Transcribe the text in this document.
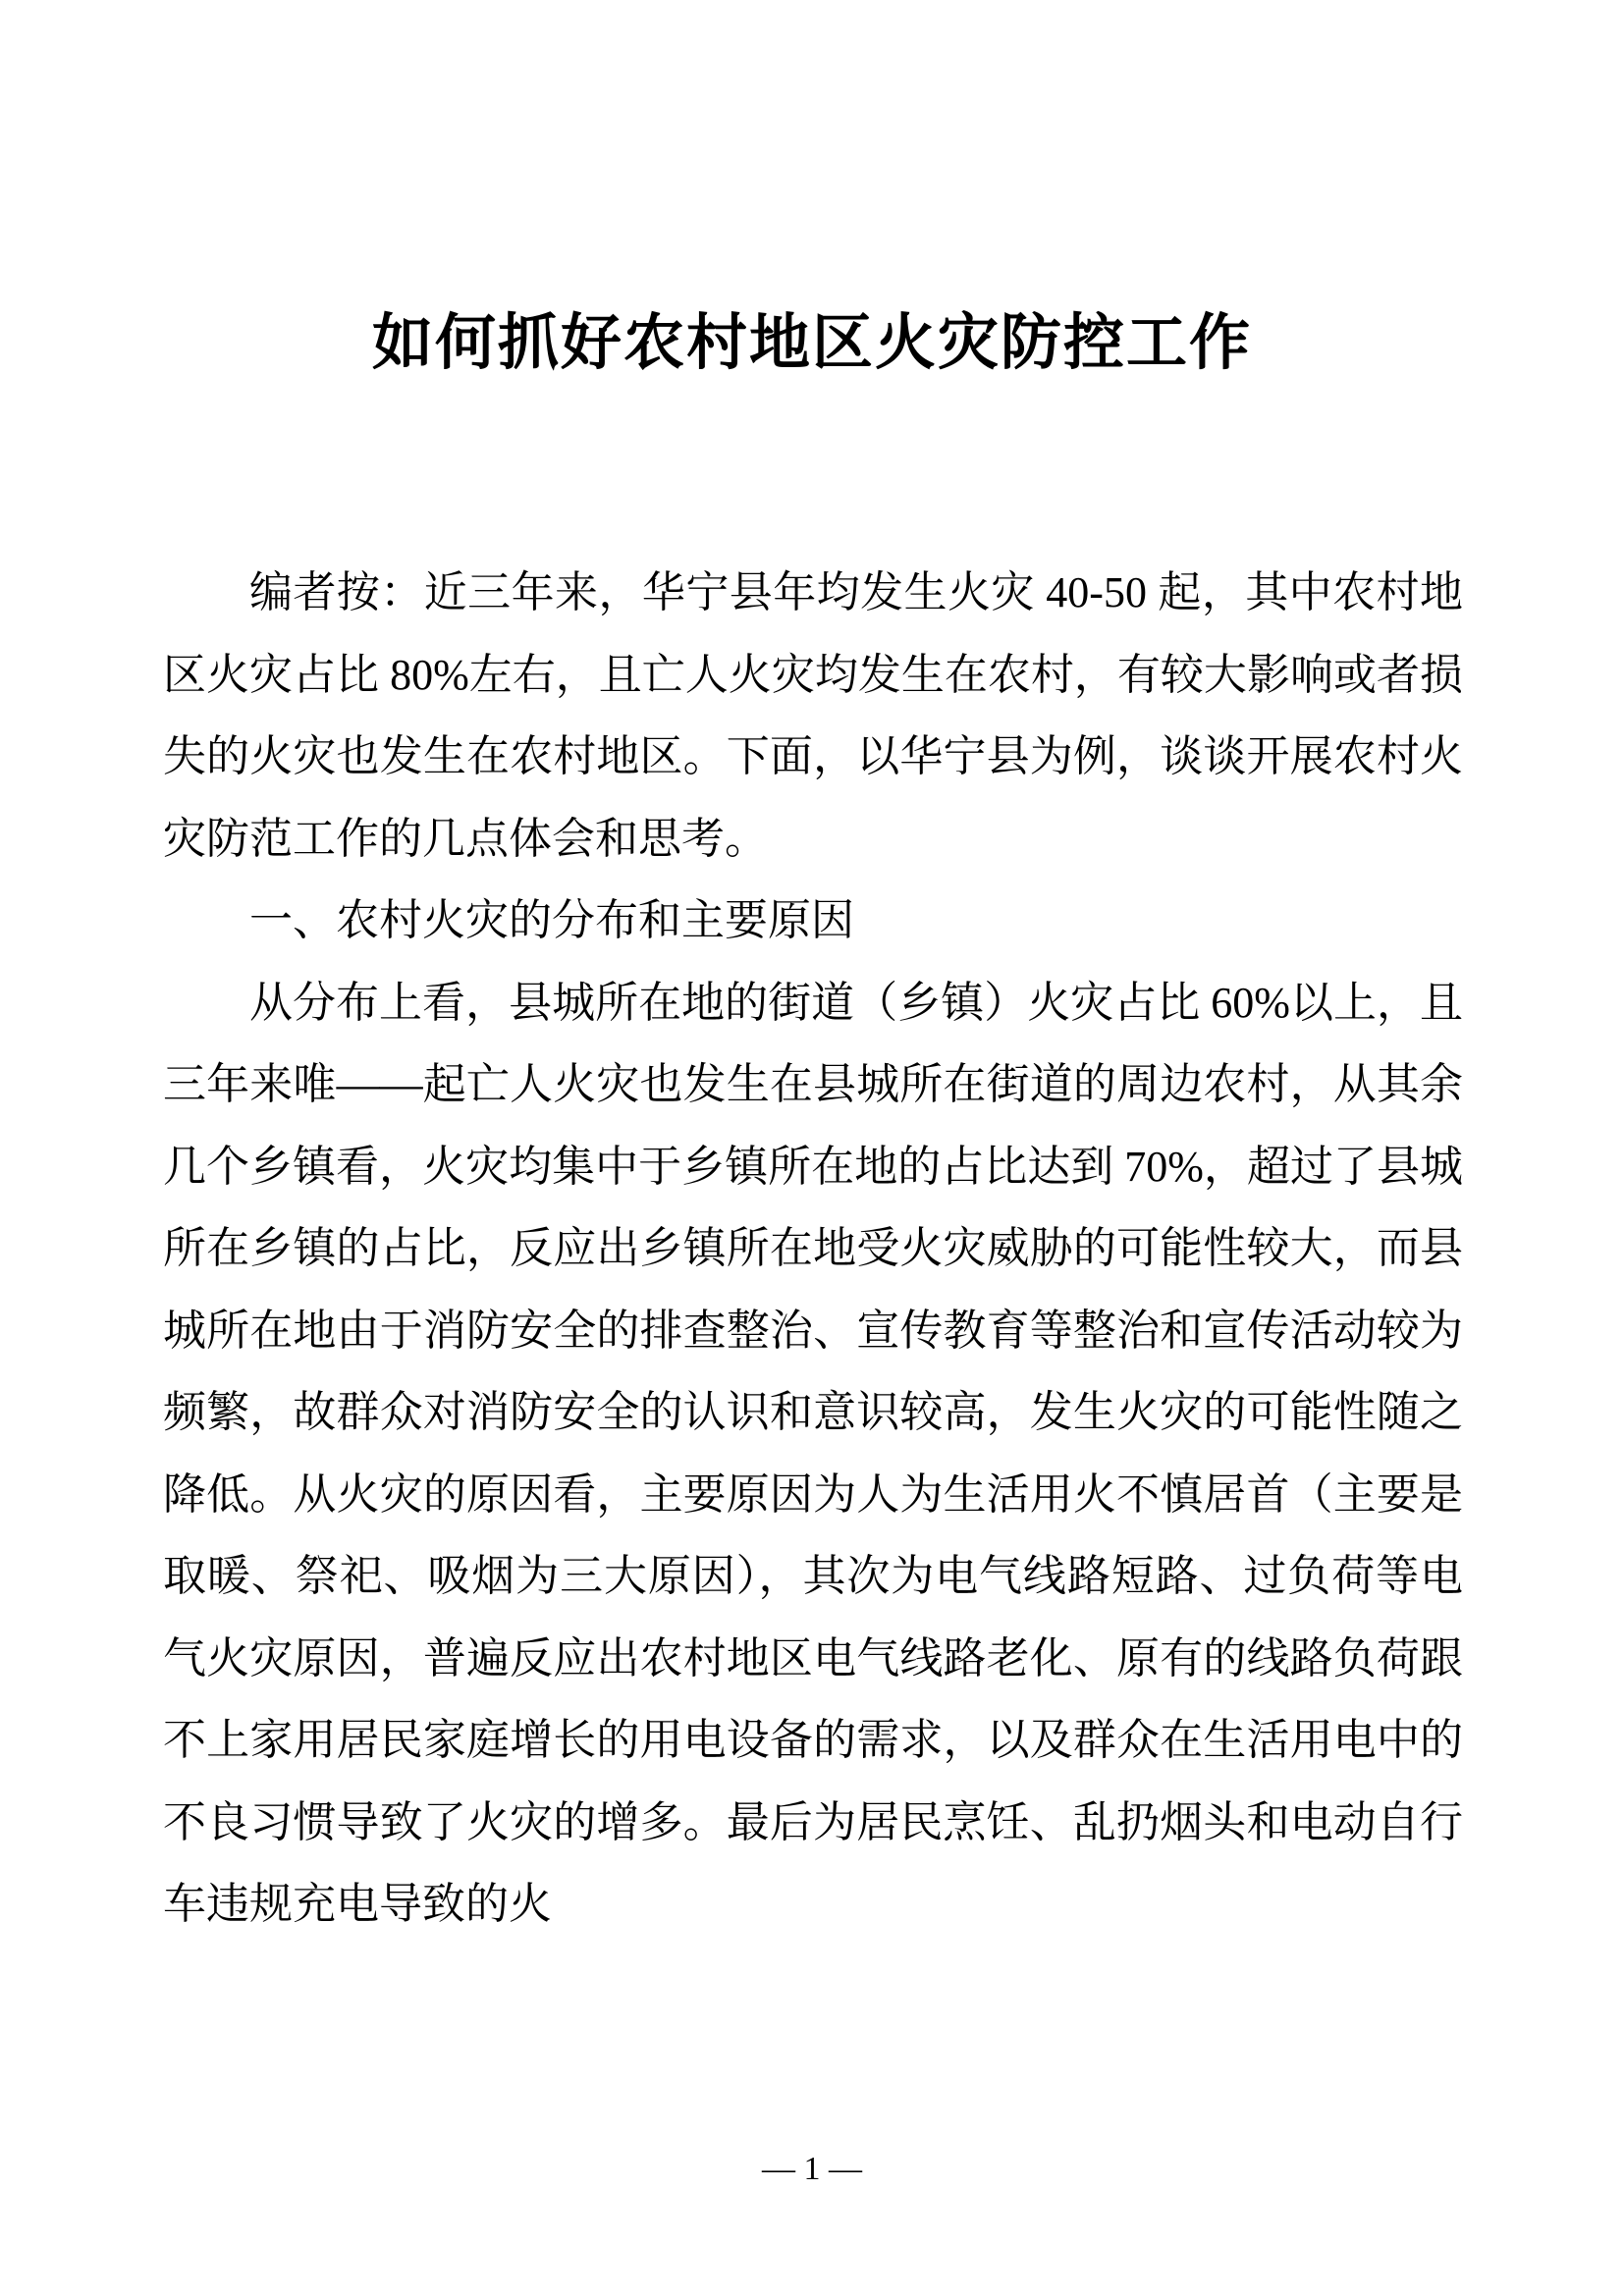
如何抓好农村地区火灾防控工作

编者按：近三年来，华宁县年均发生火灾 40-50 起，其中农村地区火灾占比 80%左右，且亡人火灾均发生在农村，有较大影响或者损失的火灾也发生在农村地区。下面，以华宁县为例，谈谈开展农村火灾防范工作的几点体会和思考。

一、农村火灾的分布和主要原因

从分布上看，县城所在地的街道（乡镇）火灾占比 60%以上，且三年来唯——起亡人火灾也发生在县城所在街道的周边农村，从其余几个乡镇看，火灾均集中于乡镇所在地的占比达到 70%，超过了县城所在乡镇的占比，反应出乡镇所在地受火灾威胁的可能性较大，而县城所在地由于消防安全的排查整治、宣传教育等整治和宣传活动较为频繁，故群众对消防安全的认识和意识较高，发生火灾的可能性随之降低。从火灾的原因看，主要原因为人为生活用火不慎居首（主要是取暖、祭祀、吸烟为三大原因），其次为电气线路短路、过负荷等电气火灾原因，普遍反应出农村地区电气线路老化、原有的线路负荷跟不上家用居民家庭增长的用电设备的需求，以及群众在生活用电中的不良习惯导致了火灾的增多。最后为居民烹饪、乱扔烟头和电动自行车违规充电导致的火

— 1 —
